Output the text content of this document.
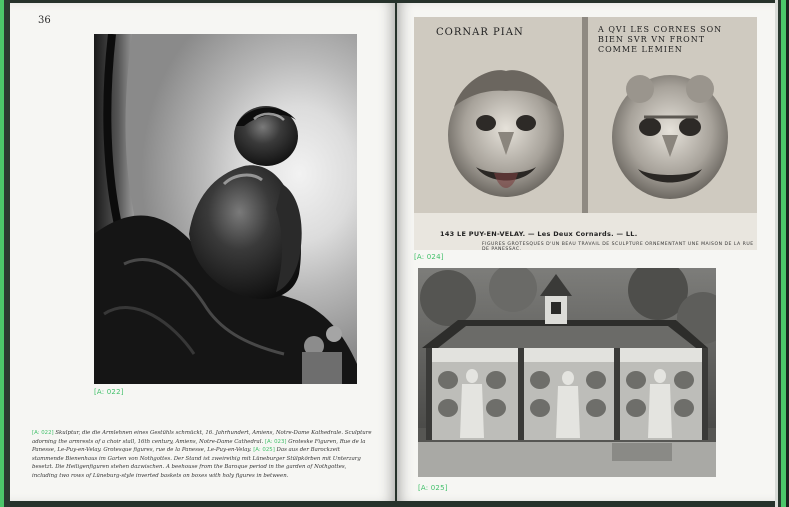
36
[A: 022]
[A: 022] Skulptur, die die Armlehnen eines Gestühls schmückt, 16. Jahrhundert, Amiens, Notre-Dame Kathedrale. Sculpture adorning the armrests of a choir stall, 16th century, Amiens, Notre-Dame Cathedral. [A: 023] Groteske Figuren, Rue de la Panesse, Le-Puy-en-Velay. Grotesque figures, rue de la Panesse, Le-Puy-en-Velay. [A: 025] Das aus der Barockzeit stammende Bienenhaus im Garten von Nothgottes. Der Stand ist zweireihig mit Lüneburger Stülpkörben mit Unterzarg besetzt. Die Heiligenfiguren stehen dazwischen. A beehouse from the Baroque period in the garden of Nothgottes, including two rows of Lüneburg-style inverted baskets on boxes with holy figures in between.
CORNAR PIAN	A QVI LES CORNES SON
BIEN SVR VN FRONT
COMME LEMIEN
143 LE PUY-EN-VELAY. — Les Deux Cornards. — LL.
FIGURES GROTESQUES D'UN BEAU TRAVAIL DE SCULPTURE ORNEMENTANT UNE MAISON DE LA RUE DE PANESSAC.
[A: 024]
[A: 025]
